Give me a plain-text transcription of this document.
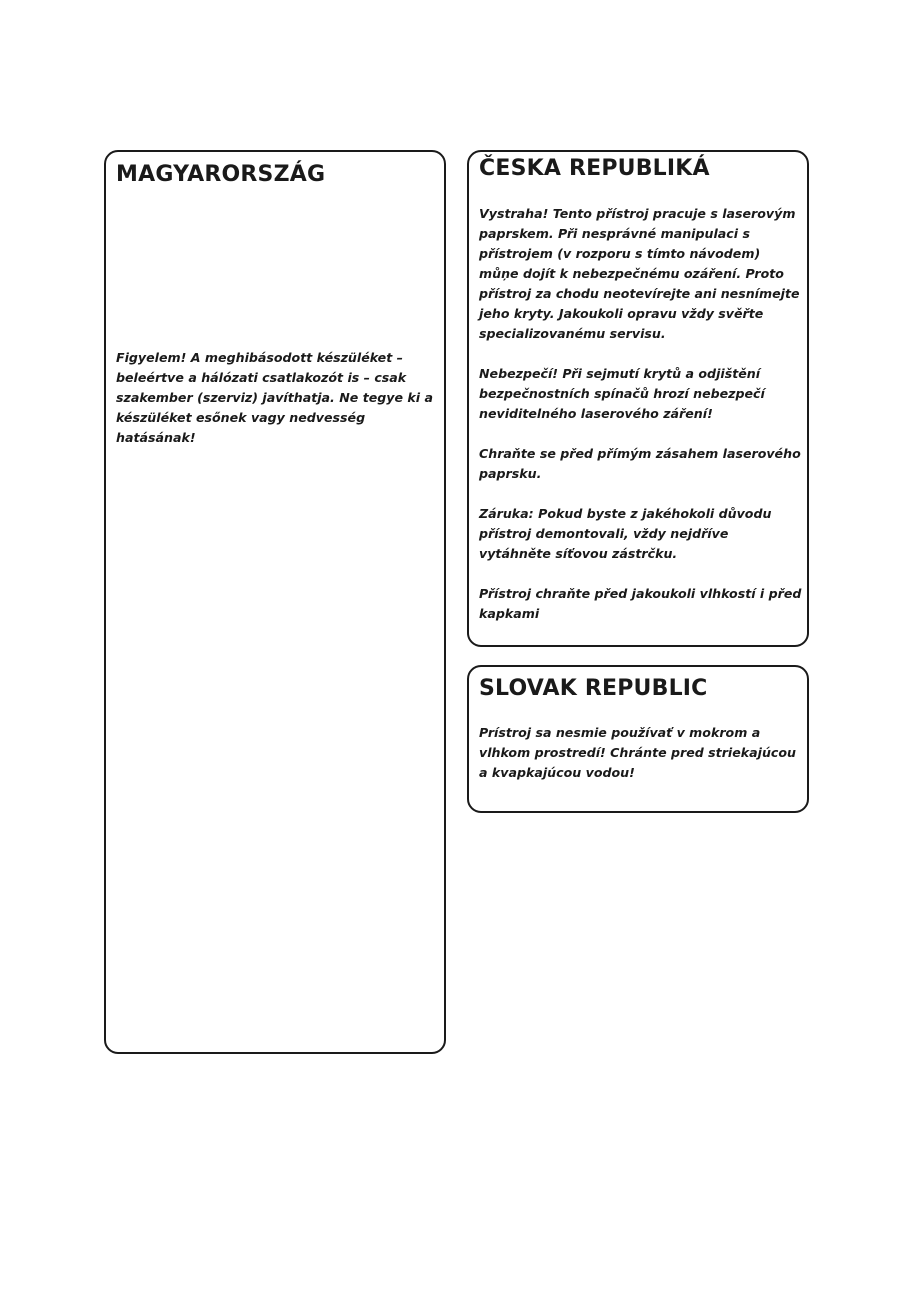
MAGYARORSZÁG

Figyelem! A meghibásodott készüléket – beleértve a hálózati csatlakozót is – csak szakember (szerviz) javíthatja. Ne tegye ki a készüléket esőnek vagy nedvesség hatásának!

ČESKA REPUBLIKÁ

Vystraha! Tento přístroj pracuje s laserovým paprskem. Při nesprávné manipulaci s přístrojem (v rozporu s tímto návodem) můņe dojít k nebezpečnému ozáření. Proto přístroj za chodu neotevírejte ani nesnímejte jeho kryty. Jakoukoli opravu vždy svěřte specializovanému servisu.

Nebezpečí! Při sejmutí krytů a odjištění bezpečnostních spínačů hrozí nebezpečí neviditelného laserového záření!

Chraňte se před přímým zásahem laserového paprsku.

Záruka: Pokud byste z jakéhokoli důvodu přístroj demontovali, vždy nejdříve vytáhněte síťovou zástrčku.

Přístroj chraňte před jakoukoli vlhkostí i před kapkami

SLOVAK REPUBLIC

Prístroj sa nesmie používať v mokrom a vlhkom prostredí! Chránte pred striekajúcou a kvapkajúcou vodou!
